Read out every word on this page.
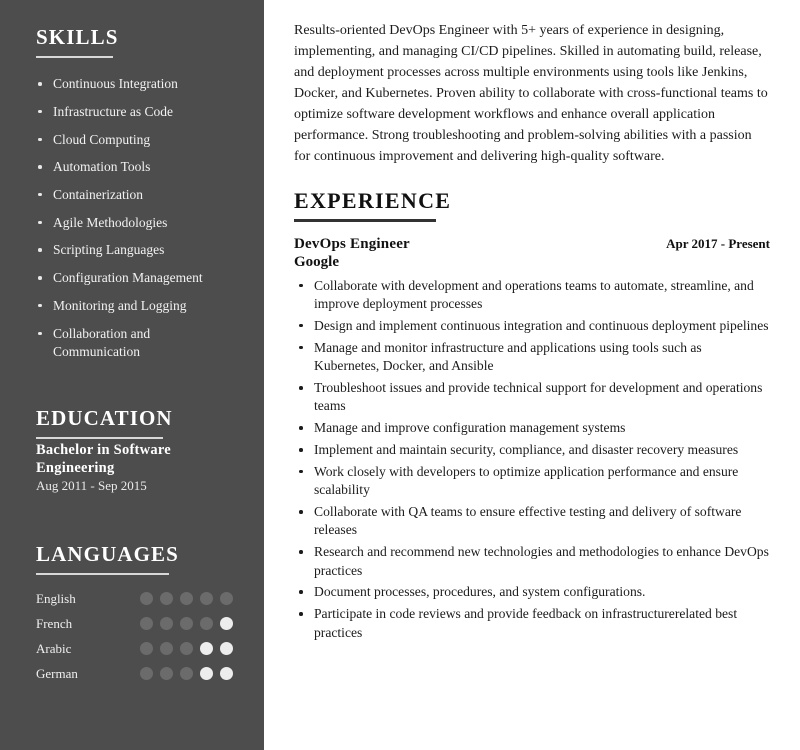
SKILLS
Continuous Integration
Infrastructure as Code
Cloud Computing
Automation Tools
Containerization
Agile Methodologies
Scripting Languages
Configuration Management
Monitoring and Logging
Collaboration and Communication
EDUCATION
Bachelor in Software Engineering
Aug 2011 - Sep 2015
LANGUAGES
English
French
Arabic
German

Results-oriented DevOps Engineer with 5+ years of experience in designing, implementing, and managing CI/CD pipelines. Skilled in automating build, release, and deployment processes across multiple environments using tools like Jenkins, Docker, and Kubernetes. Proven ability to collaborate with cross-functional teams to optimize software development workflows and enhance overall application performance. Strong troubleshooting and problem-solving abilities with a passion for continuous improvement and delivering high-quality software.

EXPERIENCE
DevOps Engineer	Apr 2017 - Present
Google
Collaborate with development and operations teams to automate, streamline, and improve deployment processes
Design and implement continuous integration and continuous deployment pipelines
Manage and monitor infrastructure and applications using tools such as Kubernetes, Docker, and Ansible
Troubleshoot issues and provide technical support for development and operations teams
Manage and improve configuration management systems
Implement and maintain security, compliance, and disaster recovery measures
Work closely with developers to optimize application performance and ensure scalability
Collaborate with QA teams to ensure effective testing and delivery of software releases
Research and recommend new technologies and methodologies to enhance DevOps practices
Document processes, procedures, and system configurations.
Participate in code reviews and provide feedback on infrastructurerelated best practices
